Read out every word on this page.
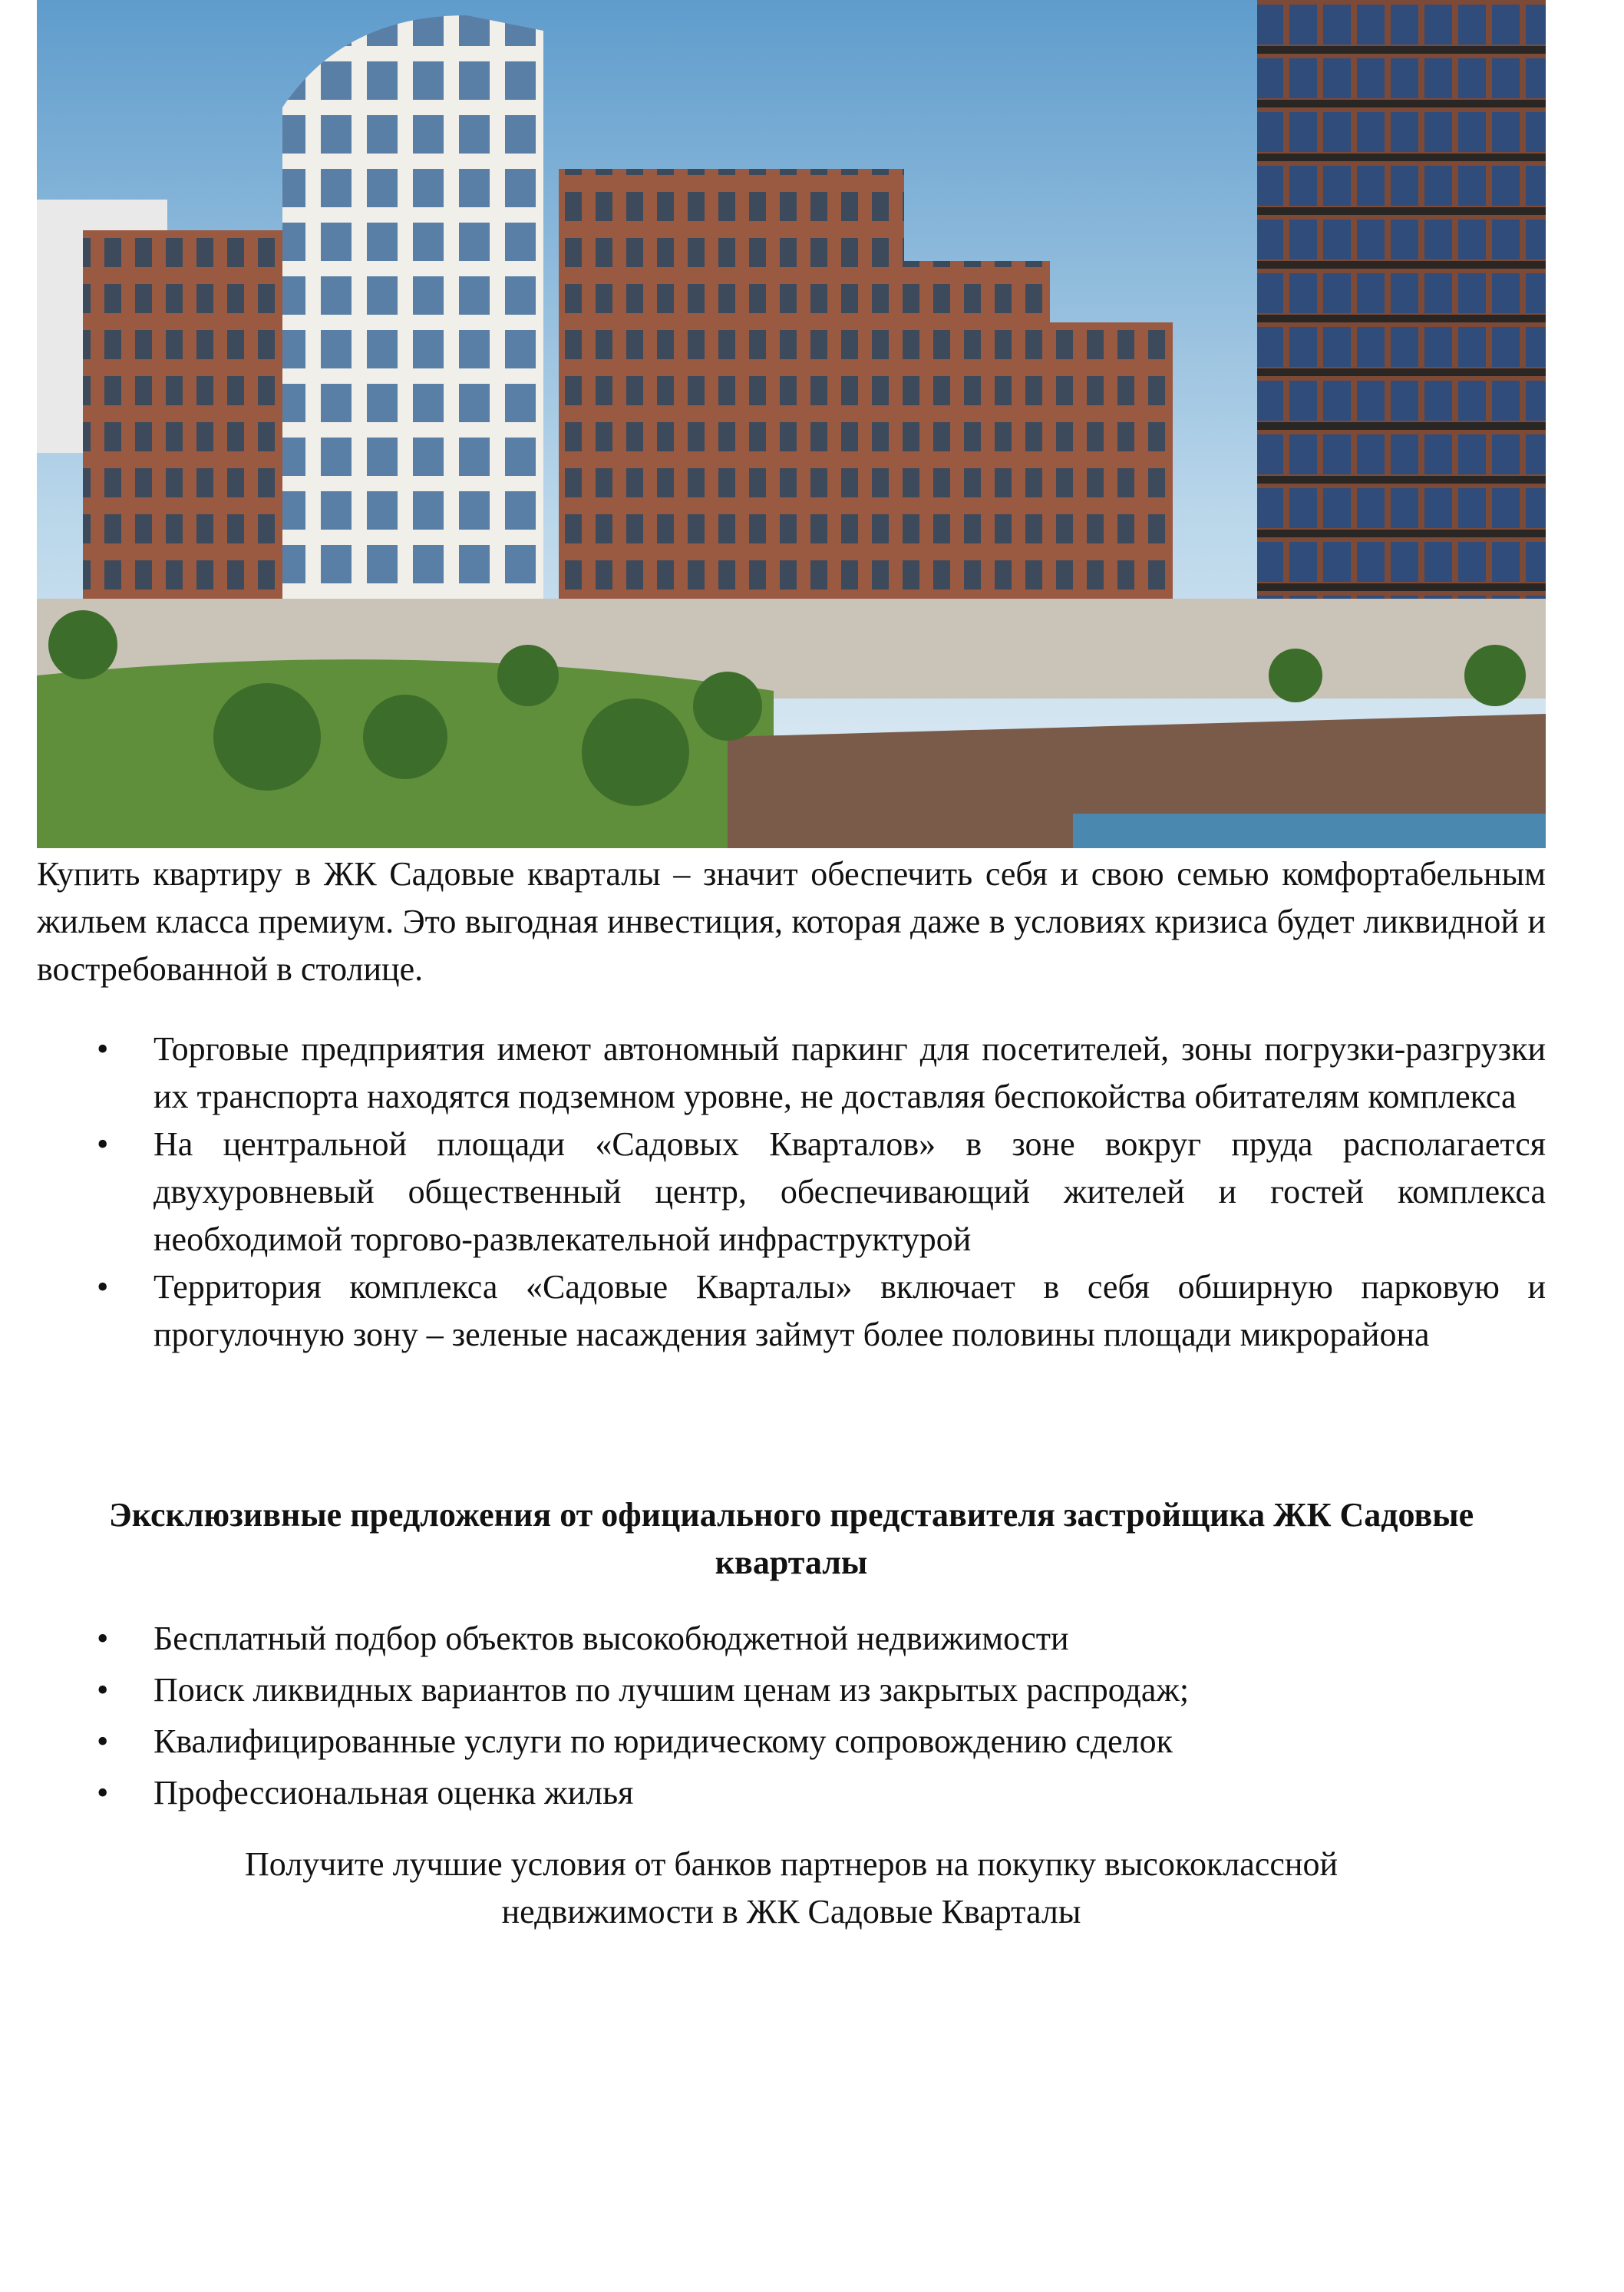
Купить квартиру в ЖК Садовые кварталы – значит обеспечить себя и свою семью комфортабельным жильем класса премиум. Это выгодная инвестиция, которая даже в условиях кризиса будет ликвидной и востребованной в столице.

• Торговые предприятия имеют автономный паркинг для посетителей, зоны погрузки-разгрузки их транспорта находятся подземном уровне, не доставляя беспокойства обитателям комплекса
• На центральной площади «Садовых Кварталов» в зоне вокруг пруда располагается двухуровневый общественный центр, обеспечивающий жителей и гостей комплекса необходимой торгово-развлекательной инфраструктурой
• Территория комплекса «Садовые Кварталы» включает в себя обширную парковую и прогулочную зону – зеленые насаждения займут более половины площади микрорайона

Эксклюзивные предложения от официального представителя застройщика ЖК Садовые кварталы

• Бесплатный подбор объектов высокобюджетной недвижимости
• Поиск ликвидных вариантов по лучшим ценам из закрытых распродаж;
• Квалифицированные услуги по юридическому сопровождению сделок
• Профессиональная оценка жилья

Получите лучшие условия от банков партнеров на покупку высококлассной недвижимости в ЖК Садовые Кварталы
